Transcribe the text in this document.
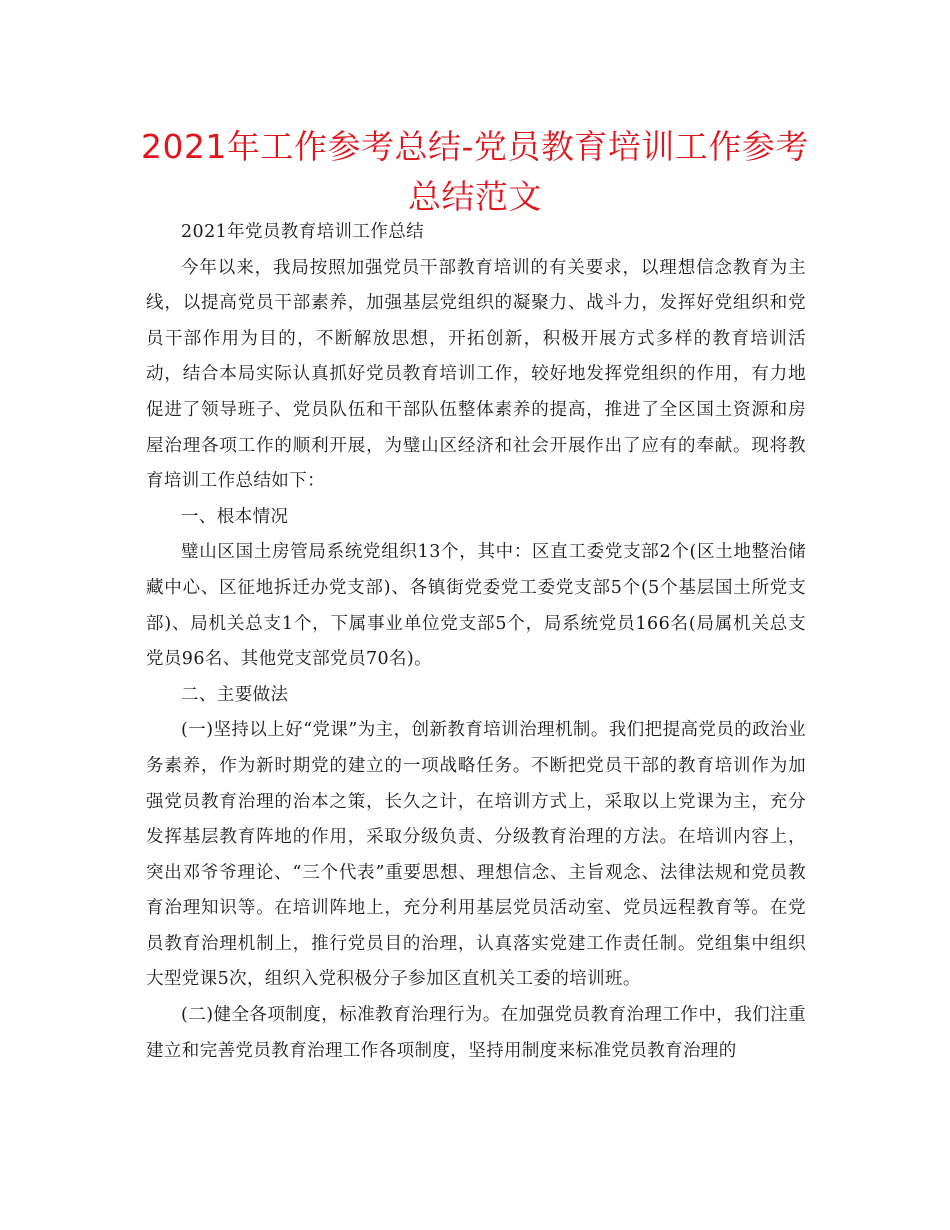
2021年工作参考总结-党员教育培训工作参考总结范文

2021年党员教育培训工作总结

今年以来，我局按照加强党员干部教育培训的有关要求，以理想信念教育为主线，以提高党员干部素养，加强基层党组织的凝聚力、战斗力，发挥好党组织和党员干部作用为目的，不断解放思想，开拓创新，积极开展方式多样的教育培训活动，结合本局实际认真抓好党员教育培训工作，较好地发挥党组织的作用，有力地促进了领导班子、党员队伍和干部队伍整体素养的提高，推进了全区国土资源和房屋治理各项工作的顺利开展，为璧山区经济和社会开展作出了应有的奉献。现将教育培训工作总结如下：

一、根本情况

璧山区国土房管局系统党组织13个，其中：区直工委党支部2个(区土地整治储藏中心、区征地拆迁办党支部)、各镇街党委党工委党支部5个(5个基层国土所党支部)、局机关总支1个，下属事业单位党支部5个，局系统党员166名(局属机关总支党员96名、其他党支部党员70名)。

二、主要做法

(一)坚持以上好“党课”为主，创新教育培训治理机制。我们把提高党员的政治业务素养，作为新时期党的建立的一项战略任务。不断把党员干部的教育培训作为加强党员教育治理的治本之策，长久之计，在培训方式上，采取以上党课为主，充分发挥基层教育阵地的作用，采取分级负责、分级教育治理的方法。在培训内容上，突出邓爷爷理论、“三个代表”重要思想、理想信念、主旨观念、法律法规和党员教育治理知识等。在培训阵地上，充分利用基层党员活动室、党员远程教育等。在党员教育治理机制上，推行党员目的治理，认真落实党建工作责任制。党组集中组织大型党课5次，组织入党积极分子参加区直机关工委的培训班。

(二)健全各项制度，标准教育治理行为。在加强党员教育治理工作中，我们注重建立和完善党员教育治理工作各项制度，坚持用制度来标准党员教育治理的
